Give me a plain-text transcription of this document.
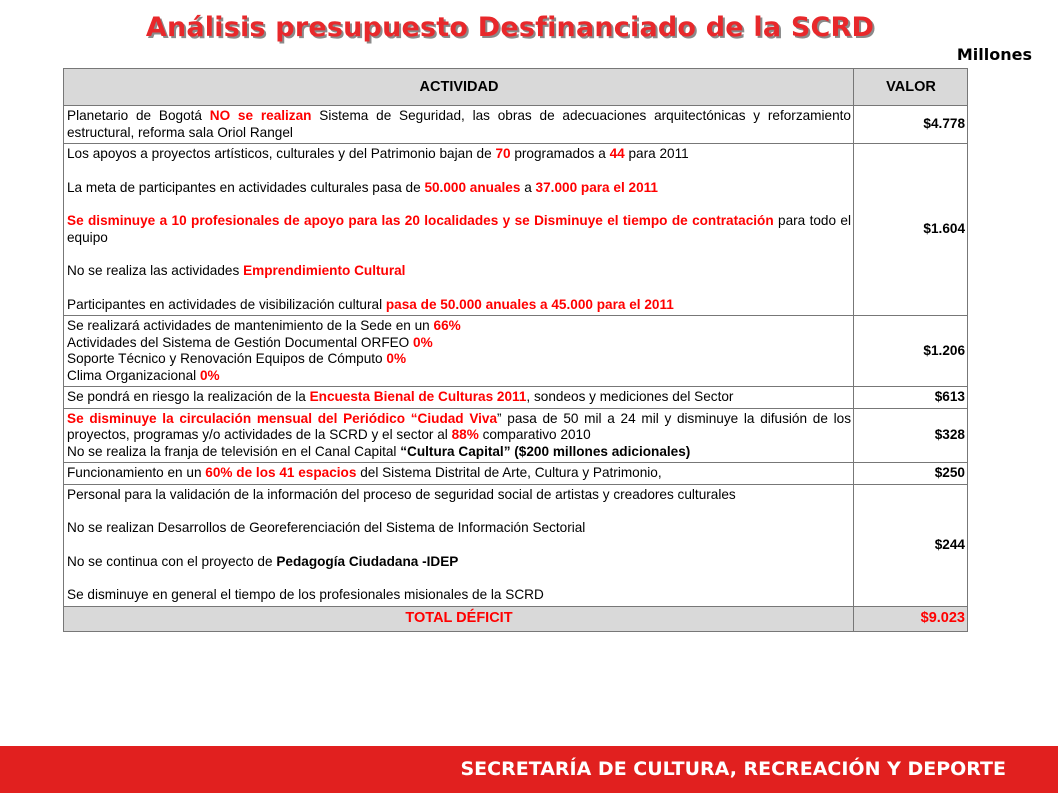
Análisis presupuesto Desfinanciado de la SCRD
Millones
ACTIVIDAD	VALOR

Planetario de Bogotá NO se realizan Sistema de Seguridad, las obras de adecuaciones arquitectónicas y reforzamiento estructural, reforma sala Oriol Rangel	$4.778

Los apoyos a proyectos artísticos, culturales y del Patrimonio bajan de 70 programados a 44 para 2011
La meta de participantes en actividades culturales pasa de 50.000 anuales a 37.000 para el 2011
Se disminuye a 10 profesionales de apoyo para las 20 localidades y se Disminuye el tiempo de contratación para todo el equipo
No se realiza las actividades Emprendimiento Cultural
Participantes en actividades de visibilización cultural pasa de 50.000 anuales a 45.000 para el 2011	$1.604

Se realizará actividades de mantenimiento de la Sede en un 66%
Actividades del Sistema de Gestión Documental ORFEO 0%
Soporte Técnico y Renovación Equipos de Cómputo 0%
Clima Organizacional 0%	$1.206

Se pondrá en riesgo la realización de la Encuesta Bienal de Culturas 2011, sondeos y mediciones del Sector	$613

Se disminuye la circulación mensual del Periódico “Ciudad Viva” pasa de 50 mil a 24 mil y disminuye la difusión de los proyectos, programas y/o actividades de la SCRD y el sector al 88% comparativo 2010
No se realiza la franja de televisión en el Canal Capital “Cultura Capital” ($200 millones adicionales)	$328

Funcionamiento en un 60% de los 41 espacios del Sistema Distrital de Arte, Cultura y Patrimonio,	$250

Personal para la validación de la información del proceso de seguridad social de artistas y creadores culturales
No se realizan Desarrollos de Georeferenciación del Sistema de Información Sectorial
No se continua con el proyecto de Pedagogía Ciudadana -IDEP
Se disminuye en general el tiempo de los profesionales misionales de la SCRD	$244
TOTAL DÉFICIT	$9.023
SECRETARÍA DE CULTURA, RECREACIÓN Y DEPORTE
